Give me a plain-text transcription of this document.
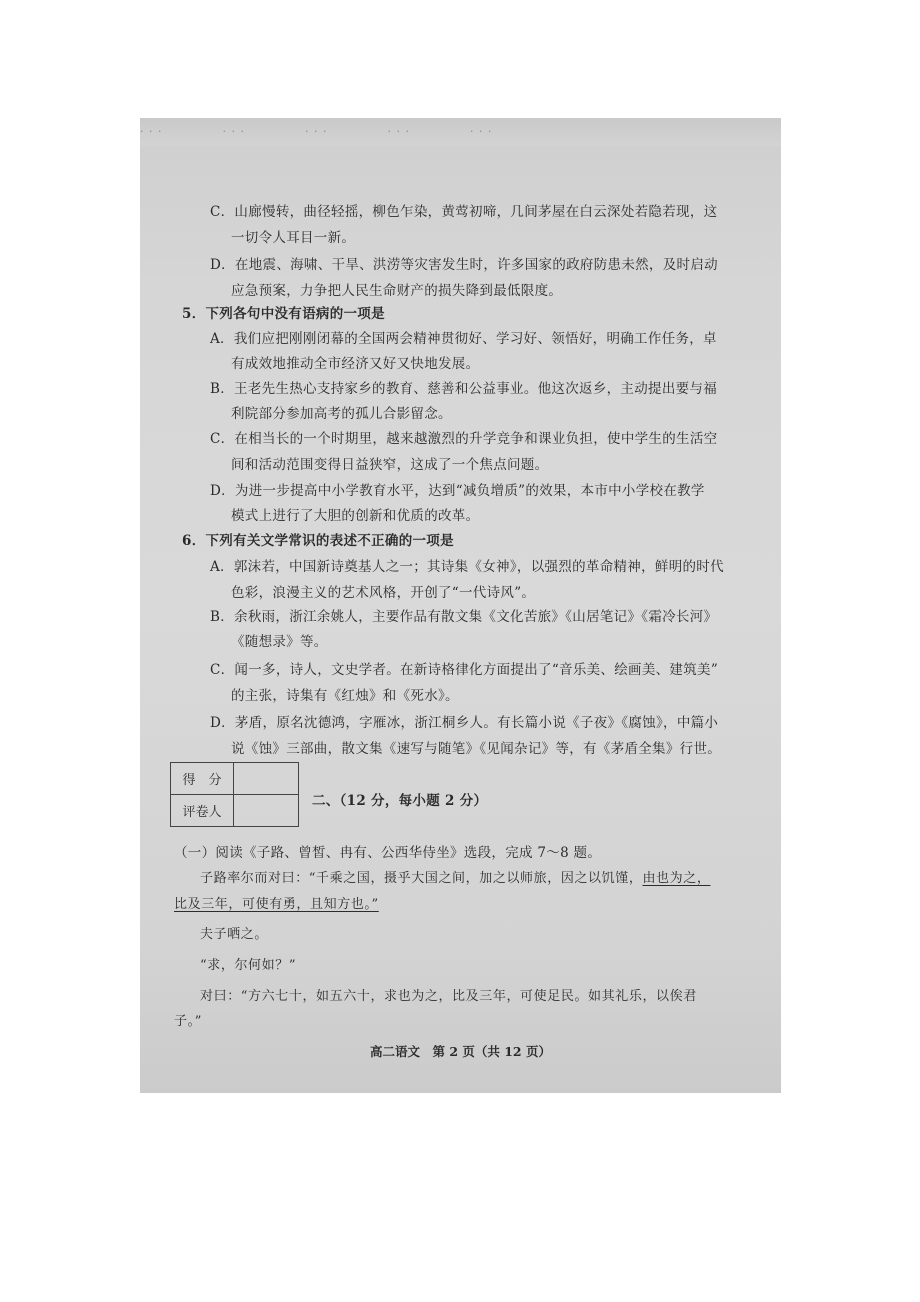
· · ·	· · ·	· · ·	· · ·	· · ·
C．山廊慢转，曲径轻摇，柳色乍染，黄莺初啼，几间茅屋在白云深处若隐若现，这
一切令人耳目一新。
D．在地震、海啸、干旱、洪涝等灾害发生时，许多国家的政府防患未然，及时启动
应急预案，力争把人民生命财产的损失降到最低限度。
5．下列各句中没有语病的一项是
A．我们应把刚刚闭幕的全国两会精神贯彻好、学习好、领悟好，明确工作任务，卓
有成效地推动全市经济又好又快地发展。
B．王老先生热心支持家乡的教育、慈善和公益事业。他这次返乡，主动提出要与福
利院部分参加高考的孤儿合影留念。
C．在相当长的一个时期里，越来越激烈的升学竞争和课业负担，使中学生的生活空
间和活动范围变得日益狭窄，这成了一个焦点问题。
D．为进一步提高中小学教育水平，达到“减负增质”的效果，本市中小学校在教学
模式上进行了大胆的创新和优质的改革。
6．下列有关文学常识的表述不正确的一项是
A．郭沫若，中国新诗奠基人之一；其诗集《女神》，以强烈的革命精神，鲜明的时代
色彩，浪漫主义的艺术风格，开创了“一代诗风”。
B．余秋雨，浙江余姚人，主要作品有散文集《文化苦旅》《山居笔记》《霜冷长河》
《随想录》等。
C．闻一多，诗人，文史学者。在新诗格律化方面提出了“音乐美、绘画美、建筑美”
的主张，诗集有《红烛》和《死水》。
D．茅盾，原名沈德鸿，字雁冰，浙江桐乡人。有长篇小说《子夜》《腐蚀》，中篇小
说《蚀》三部曲，散文集《速写与随笔》《见闻杂记》等，有《茅盾全集》行世。
得　分	
评卷人	
二、（12 分，每小题 2 分）
（一）阅读《子路、曾皙、冉有、公西华侍坐》选段，完成 7～8 题。
子路率尔而对曰：“千乘之国，摄乎大国之间，加之以师旅，因之以饥馑，由也为之，
比及三年，可使有勇，且知方也。”
夫子哂之。
“求，尔何如？”
对曰：“方六七十，如五六十，求也为之，比及三年，可使足民。如其礼乐，以俟君
子。”
高二语文　第 2 页（共 12 页）
